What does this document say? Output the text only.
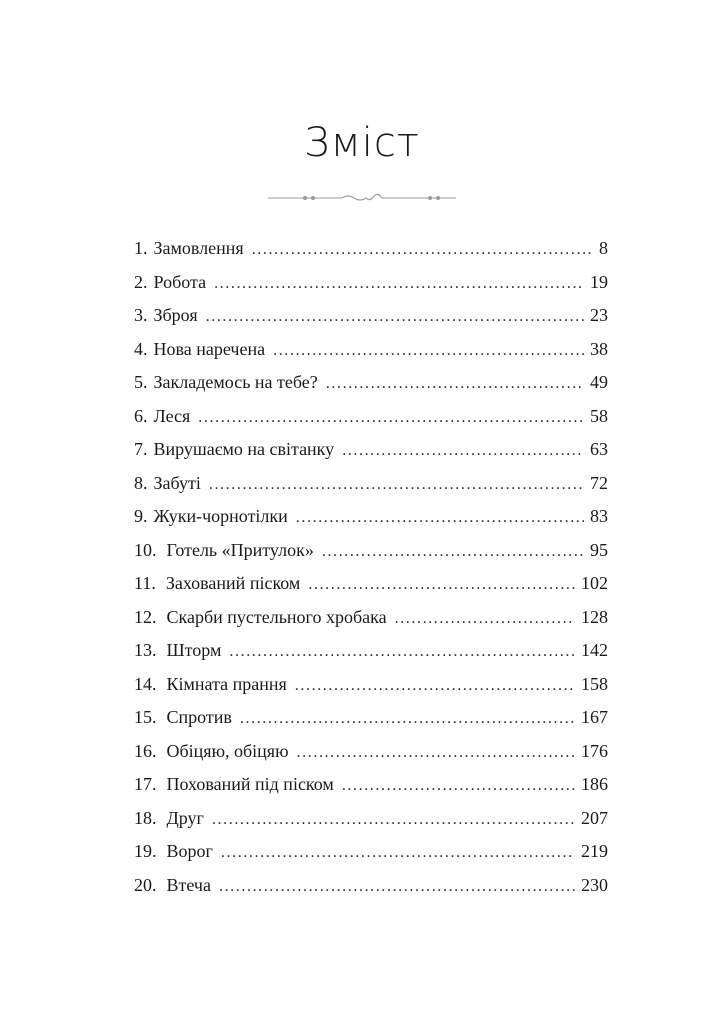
Зміст
1. Замовлення .....	8
2. Робота .....	19
3. Зброя .....	23
4. Нова наречена .....	38
5. Закладемось на тебе? .....	49
6. Леся .....	58
7. Вирушаємо на світанку .....	63
8. Забуті .....	72
9. Жуки-чорнотілки .....	83
10. Готель «Притулок» .....	95
11. Захований піском .....	102
12. Скарби пустельного хробака .....	128
13. Шторм .....	142
14. Кімната прання .....	158
15. Спротив .....	167
16. Обіцяю, обіцяю .....	176
17. Похований під піском .....	186
18. Друг .....	207
19. Ворог .....	219
20. Втеча .....	230
